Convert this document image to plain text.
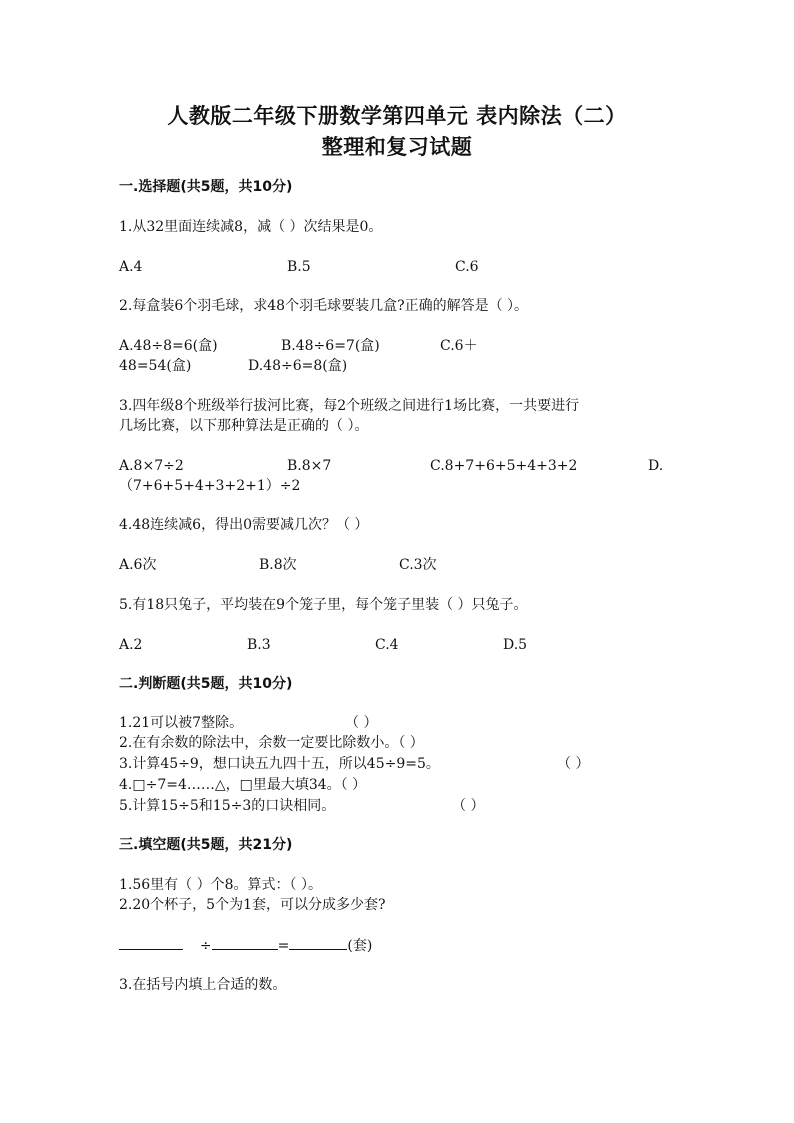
人教版二年级下册数学第四单元 表内除法（二）
整理和复习试题
一.选择题(共5题，共10分)
1.从32里面连续减8，减（ ）次结果是0。
A.4	B.5	C.6
2.每盒装6个羽毛球，求48个羽毛球要装几盒?正确的解答是（ ）。
A.48÷8=6(盒)	B.48÷6=7(盒)	C.6＋
48=54(盒)	D.48÷6=8(盒)
3.四年级8个班级举行拔河比赛，每2个班级之间进行1场比赛，一共要进行
几场比赛，以下那种算法是正确的（ ）。
A.8×7÷2	B.8×7	C.8+7+6+5+4+3+2	D.
（7+6+5+4+3+2+1）÷2
4.48连续减6，得出0需要减几次？（ ）
A.6次	B.8次	C.3次
5.有18只兔子，平均装在9个笼子里，每个笼子里装（ ）只兔子。
A.2	B.3	C.4	D.5
二.判断题(共5题，共10分)
1.21可以被7整除。	（ ）
2.在有余数的除法中，余数一定要比除数小。（ ）
3.计算45÷9，想口诀五九四十五，所以45÷9=5。	（ ）
4.□÷7=4……△，□里最大填34。（ ）
5.计算15÷5和15÷3的口诀相同。	（ ）
三.填空题(共5题，共21分)
1.56里有（ ）个8。算式：（ ）。
2.20个杯子，5个为1套，可以分成多少套?
÷	=	(套)
3.在括号内填上合适的数。
